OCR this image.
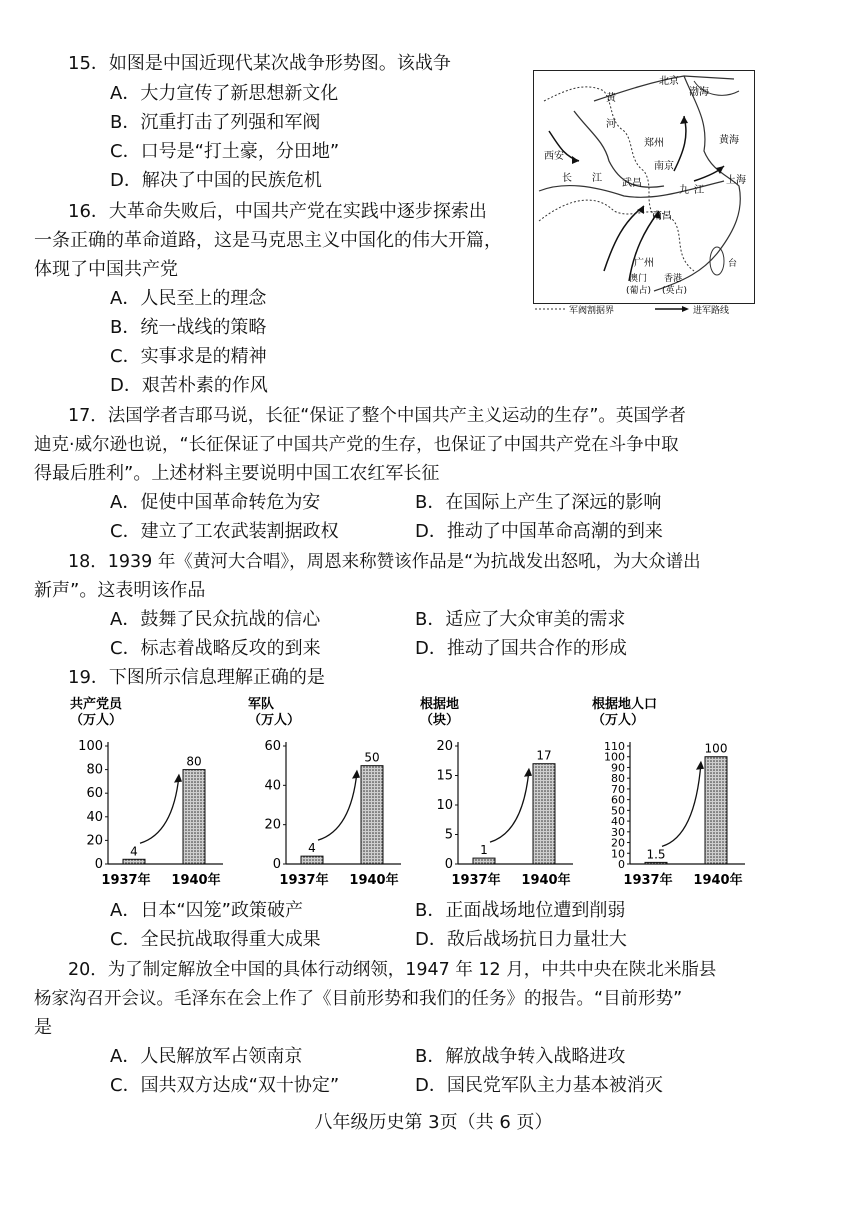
15．如图是中国近现代某次战争形势图。该战争
A．大力宣传了新思想新文化
B．沉重打击了列强和军阀
C．口号是“打土豪，分田地”
D．解决了中国的民族危机
北京
渤海
黄
河
黄海
郑州
西安
南京
长 江 武昌	上海
九 江
南昌
广州
香港
澳门
(葡占) (英占)
台
军阀割据界	进军路线
16．大革命失败后，中国共产党在实践中逐步探索出
一条正确的革命道路，这是马克思主义中国化的伟大开篇，
体现了中国共产党
A．人民至上的理念
B．统一战线的策略
C．实事求是的精神
D．艰苦朴素的作风
17．法国学者吉耶马说，长征“保证了整个中国共产主义运动的生存”。英国学者
迪克·威尔逊也说，“长征保证了中国共产党的生存，也保证了中国共产党在斗争中取
得最后胜利”。上述材料主要说明中国工农红军长征
A．促使中国革命转危为安	B．在国际上产生了深远的影响
C．建立了工农武装割据政权	D．推动了中国革命高潮的到来
18．1939 年《黄河大合唱》，周恩来称赞该作品是“为抗战发出怒吼，为大众谱出
新声”。这表明该作品
A．鼓舞了民众抗战的信心	B．适应了大众审美的需求
C．标志着战略反攻的到来	D．推动了国共合作的形成
19．下图所示信息理解正确的是
共产党员
（万人）
0
20
40
60
80
100
4
1937年
80
1940年
军队
（万人）
0
20
40
60
4
1937年
50
1940年
根据地
（块）
0
5
10
15
20
1
1937年
17
1940年
根据地人口
（万人）
0
10
20
30
40
50
60
70
80
90
100
110
1.5
1937年
100
1940年
A．日本“囚笼”政策破产	B．正面战场地位遭到削弱
C．全民抗战取得重大成果	D．敌后战场抗日力量壮大
20．为了制定解放全中国的具体行动纲领，1947 年 12 月，中共中央在陕北米脂县
杨家沟召开会议。毛泽东在会上作了《目前形势和我们的任务》的报告。“目前形势”
是
A．人民解放军占领南京	B．解放战争转入战略进攻
C．国共双方达成“双十协定”	D．国民党军队主力基本被消灭
八年级历史第 3页（共 6 页）
